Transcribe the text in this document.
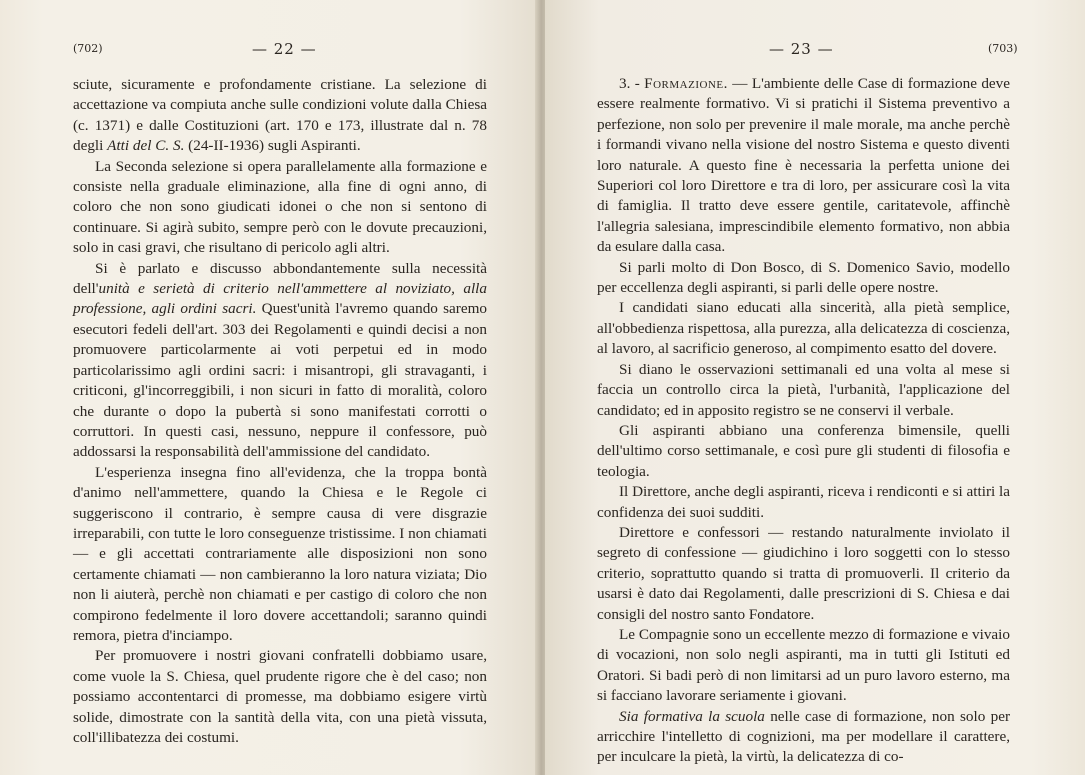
(702)	— 22 —

sciute, sicuramente e profondamente cristiane. La selezione di accettazione va compiuta anche sulle condizioni volute dalla Chiesa (c. 1371) e dalle Costituzioni (art. 170 e 173, illustrate dal n. 78 degli Atti del C. S. (24-II-1936) sugli Aspiranti.

La Seconda selezione si opera parallelamente alla formazione e consiste nella graduale eliminazione, alla fine di ogni anno, di coloro che non sono giudicati idonei o che non si sentono di continuare. Si agirà subito, sempre però con le dovute precauzioni, solo in casi gravi, che risultano di pericolo agli altri.

Si è parlato e discusso abbondantemente sulla necessità dell'unità e serietà di criterio nell'ammettere al noviziato, alla professione, agli ordini sacri. Quest'unità l'avremo quando saremo esecutori fedeli dell'art. 303 dei Regolamenti e quindi decisi a non promuovere particolarmente ai voti perpetui ed in modo particolarissimo agli ordini sacri: i misantropi, gli stravaganti, i criticoni, gl'incorreggibili, i non sicuri in fatto di moralità, coloro che durante o dopo la pubertà si sono manifestati corrotti o corruttori. In questi casi, nessuno, neppure il confessore, può addossarsi la responsabilità dell'ammissione del candidato.

L'esperienza insegna fino all'evidenza, che la troppa bontà d'animo nell'ammettere, quando la Chiesa e le Regole ci suggeriscono il contrario, è sempre causa di vere disgrazie irreparabili, con tutte le loro conseguenze tristissime. I non chiamati — e gli accettati contrariamente alle disposizioni non sono certamente chiamati — non cambieranno la loro natura viziata; Dio non li aiuterà, perchè non chiamati e per castigo di coloro che non compirono fedelmente il loro dovere accettandoli; saranno quindi remora, pietra d'inciampo.

Per promuovere i nostri giovani confratelli dobbiamo usare, come vuole la S. Chiesa, quel prudente rigore che è del caso; non possiamo accontentarci di promesse, ma dobbiamo esigere virtù solide, dimostrate con la santità della vita, con una pietà vissuta, coll'illibatezza dei costumi.

— 23 —	(703)

3. - Formazione. — L'ambiente delle Case di formazione deve essere realmente formativo. Vi si pratichi il Sistema preventivo a perfezione, non solo per prevenire il male morale, ma anche perchè i formandi vivano nella visione del nostro Sistema e questo diventi loro naturale. A questo fine è necessaria la perfetta unione dei Superiori col loro Direttore e tra di loro, per assicurare così la vita di famiglia. Il tratto deve essere gentile, caritatevole, affinchè l'allegria salesiana, imprescindibile elemento formativo, non abbia da esulare dalla casa.

Si parli molto di Don Bosco, di S. Domenico Savio, modello per eccellenza degli aspiranti, si parli delle opere nostre.

I candidati siano educati alla sincerità, alla pietà semplice, all'obbedienza rispettosa, alla purezza, alla delicatezza di coscienza, al lavoro, al sacrificio generoso, al compimento esatto del dovere.

Si diano le osservazioni settimanali ed una volta al mese si faccia un controllo circa la pietà, l'urbanità, l'applicazione del candidato; ed in apposito registro se ne conservi il verbale.

Gli aspiranti abbiano una conferenza bimensile, quelli dell'ultimo corso settimanale, e così pure gli studenti di filosofia e teologia.

Il Direttore, anche degli aspiranti, riceva i rendiconti e si attiri la confidenza dei suoi sudditi.

Direttore e confessori — restando naturalmente inviolato il segreto di confessione — giudichino i loro soggetti con lo stesso criterio, soprattutto quando si tratta di promuoverli. Il criterio da usarsi è dato dai Regolamenti, dalle prescrizioni di S. Chiesa e dai consigli del nostro santo Fondatore.

Le Compagnie sono un eccellente mezzo di formazione e vivaio di vocazioni, non solo negli aspiranti, ma in tutti gli Istituti ed Oratori. Si badi però di non limitarsi ad un puro lavoro esterno, ma si facciano lavorare seriamente i giovani.

Sia formativa la scuola nelle case di formazione, non solo per arricchire l'intelletto di cognizioni, ma per modellare il carattere, per inculcare la pietà, la virtù, la delicatezza di co-
